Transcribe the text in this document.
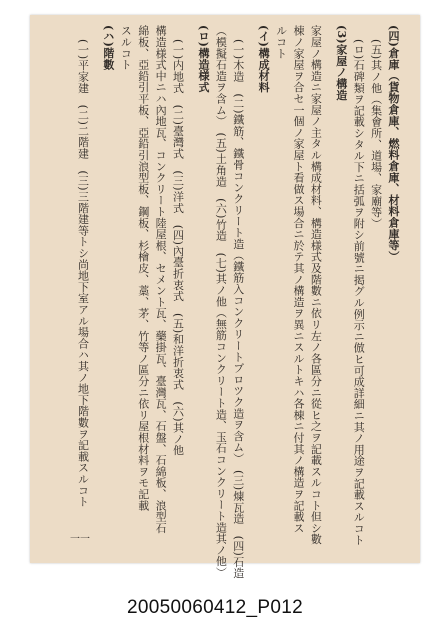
(四)倉庫（貨物倉庫、燃料倉庫、材料倉庫等）
(五)其ノ他（集會所、道場、家廟等）
(ロ)石碑類ヲ記載シタル下ニ括弧ヲ附シ前號ニ掲グル例示ニ倣ヒ可成詳細ニ其ノ用途ヲ記載スルコト
(3)家屋ノ構造
家屋ノ構造ニ家屋ノ主タル構成材料、構造様式及階數ニ依リ左ノ各區分ニ從ヒ之ヲ記載スルコト但シ數
棟ノ家屋ヲ合セ一個ノ家屋ト看做ス場合ニ於テ其ノ構造ヲ異ニスルトキハ各棟ニ付其ノ構造ヲ記載ス
ルコト
(イ)構成材料
(一)木造　(二)鐵筋、鐵骨コンクリート造（鐵筋入コンクリートブロツク造ヲ含ム）　(三)煉瓦造　(四)石造
（模擬石造ヲ含ム）　(五)土角造　(六)竹造　(七)其ノ他（無筋コンクリート造、玉石コンクリート造其ノ他）
(ロ)構造様式
(一)内地式　(二)臺灣式　(三)洋式　(四)內臺折衷式　(五)和洋折衷式　(六)其ノ他
構造様式中ニハ內地瓦、コンクリート陸屋根、セメント瓦、藥掛瓦、臺灣瓦、石盤、石綿板、浪型石
綿板、亞鉛引平板、亞鉛引浪型板、鋼板、杉檜皮、藁、茅、竹等ノ區分ニ依リ屋根材料ヲモ記載
スルコト
(ハ)階數
(一)平家建　(二)二階建　(三)三階建等トシ尚地下室アル場合ハ其ノ地下階數ヲ記載スルコト
一一
20050060412_P012
